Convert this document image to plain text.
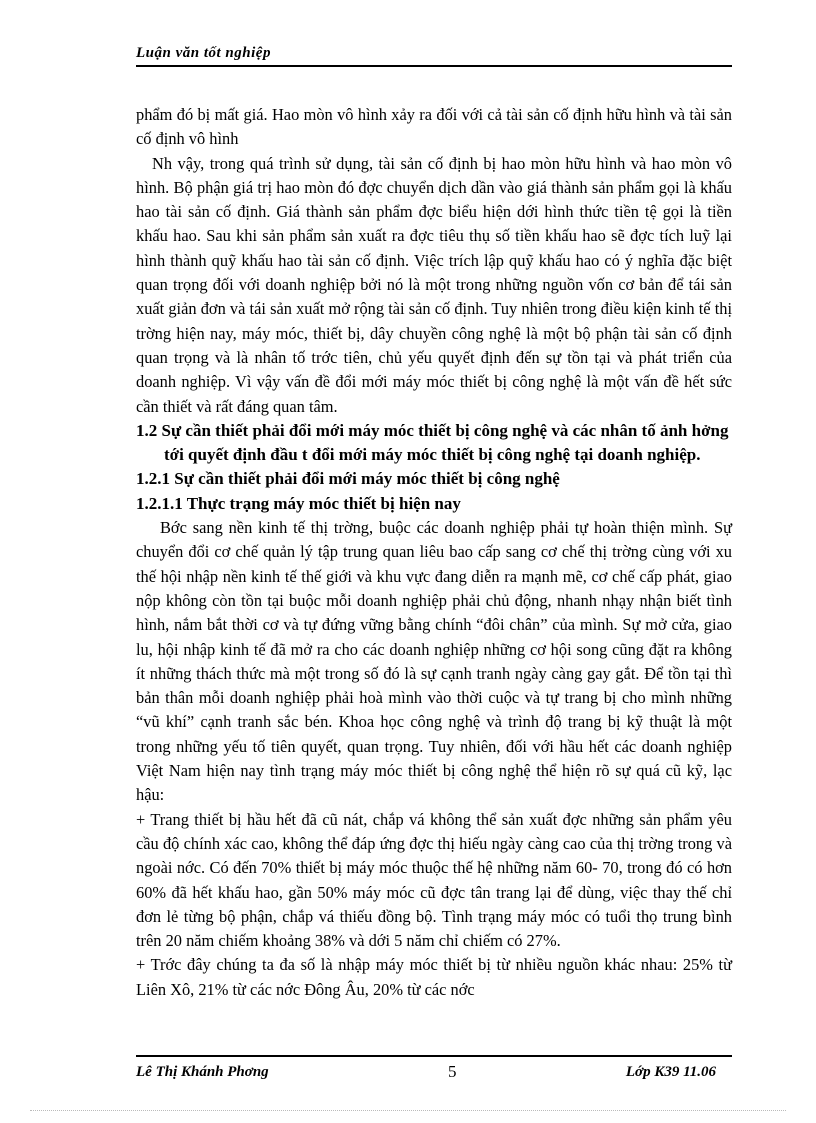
Luận văn tốt nghiệp

phẩm đó bị mất giá. Hao mòn vô hình xảy ra đối với cả tài sản cố định hữu hình và tài sản cố định vô hình

Nh vậy, trong quá trình sử dụng, tài sản cố định bị hao mòn hữu hình và hao mòn vô hình. Bộ phận giá trị hao mòn đó đợc chuyển dịch dần vào giá thành sản phẩm gọi là khấu hao tài sản cố định. Giá thành sản phẩm đợc biểu hiện dới hình thức tiền tệ gọi là tiền khấu hao. Sau khi sản phẩm sản xuất ra đợc tiêu thụ số tiền khấu hao sẽ đợc tích luỹ lại hình thành quỹ khấu hao tài sản cố định. Việc trích lập quỹ khấu hao có ý nghĩa đặc biệt quan trọng đối với doanh nghiệp bởi nó là một trong những nguồn vốn cơ bản để tái sản xuất giản đơn và tái sản xuất mở rộng tài sản cố định. Tuy nhiên trong điều kiện kinh tế thị trờng hiện nay, máy móc, thiết bị, dây chuyền công nghệ là một bộ phận tài sản cố định quan trọng và là nhân tố trớc tiên, chủ yếu quyết định đến sự tồn tại và phát triển của doanh nghiệp. Vì vậy vấn đề đổi mới máy móc thiết bị công nghệ là một vấn đề hết sức cần thiết và rất đáng quan tâm.

1.2 Sự cần thiết phải đổi mới máy móc thiết bị công nghệ và các nhân tố ảnh hởng tới quyết định đầu t đổi mới máy móc thiết bị công nghệ tại doanh nghiệp.

1.2.1 Sự cần thiết phải đổi mới máy móc thiết bị công nghệ

1.2.1.1 Thực trạng máy móc thiết bị hiện nay

Bớc sang nền kinh tế thị trờng, buộc các doanh nghiệp phải tự hoàn thiện mình. Sự chuyển đổi cơ chế quản lý tập trung quan liêu bao cấp sang cơ chế thị trờng cùng với xu thế hội nhập nền kinh tế thế giới và khu vực đang diễn ra mạnh mẽ, cơ chế cấp phát, giao nộp không còn tồn tại buộc mỗi doanh nghiệp phải chủ động, nhanh nhạy nhận biết tình hình, nắm bắt thời cơ và tự đứng vững bằng chính “đôi chân” của mình. Sự mở cửa, giao lu, hội nhập kinh tế đã mở ra cho các doanh nghiệp những cơ hội song cũng đặt ra không ít những thách thức mà một trong số đó là sự cạnh tranh ngày càng gay gắt. Để tồn tại thì bản thân mỗi doanh nghiệp phải hoà mình vào thời cuộc và tự trang bị cho mình những “vũ khí” cạnh tranh sắc bén. Khoa học công nghệ và trình độ trang bị kỹ thuật là một trong những yếu tố tiên quyết, quan trọng. Tuy nhiên, đối với hầu hết các doanh nghiệp Việt Nam hiện nay tình trạng máy móc thiết bị công nghệ thể hiện rõ sự quá cũ kỹ, lạc hậu:

+ Trang thiết bị hầu hết đã cũ nát, chắp vá không thể sản xuất đợc những sản phẩm yêu cầu độ chính xác cao, không thể đáp ứng đợc thị hiếu ngày càng cao của thị trờng trong và ngoài nớc. Có đến 70% thiết bị máy móc thuộc thế hệ những năm 60- 70, trong đó có hơn 60% đã hết khấu hao, gần 50% máy móc cũ đợc tân trang lại để dùng, việc thay thế chỉ đơn lẻ từng bộ phận, chắp vá thiếu đồng bộ. Tình trạng máy móc có tuổi thọ trung bình trên 20 năm chiếm khoảng 38% và dới 5 năm chỉ chiếm có 27%.

+ Trớc đây chúng ta đa số là nhập máy móc thiết bị từ nhiều nguồn khác nhau: 25% từ Liên Xô, 21% từ các nớc Đông Âu, 20% từ các nớc

Lê Thị Khánh Phơng	5	Lớp K39 11.06
